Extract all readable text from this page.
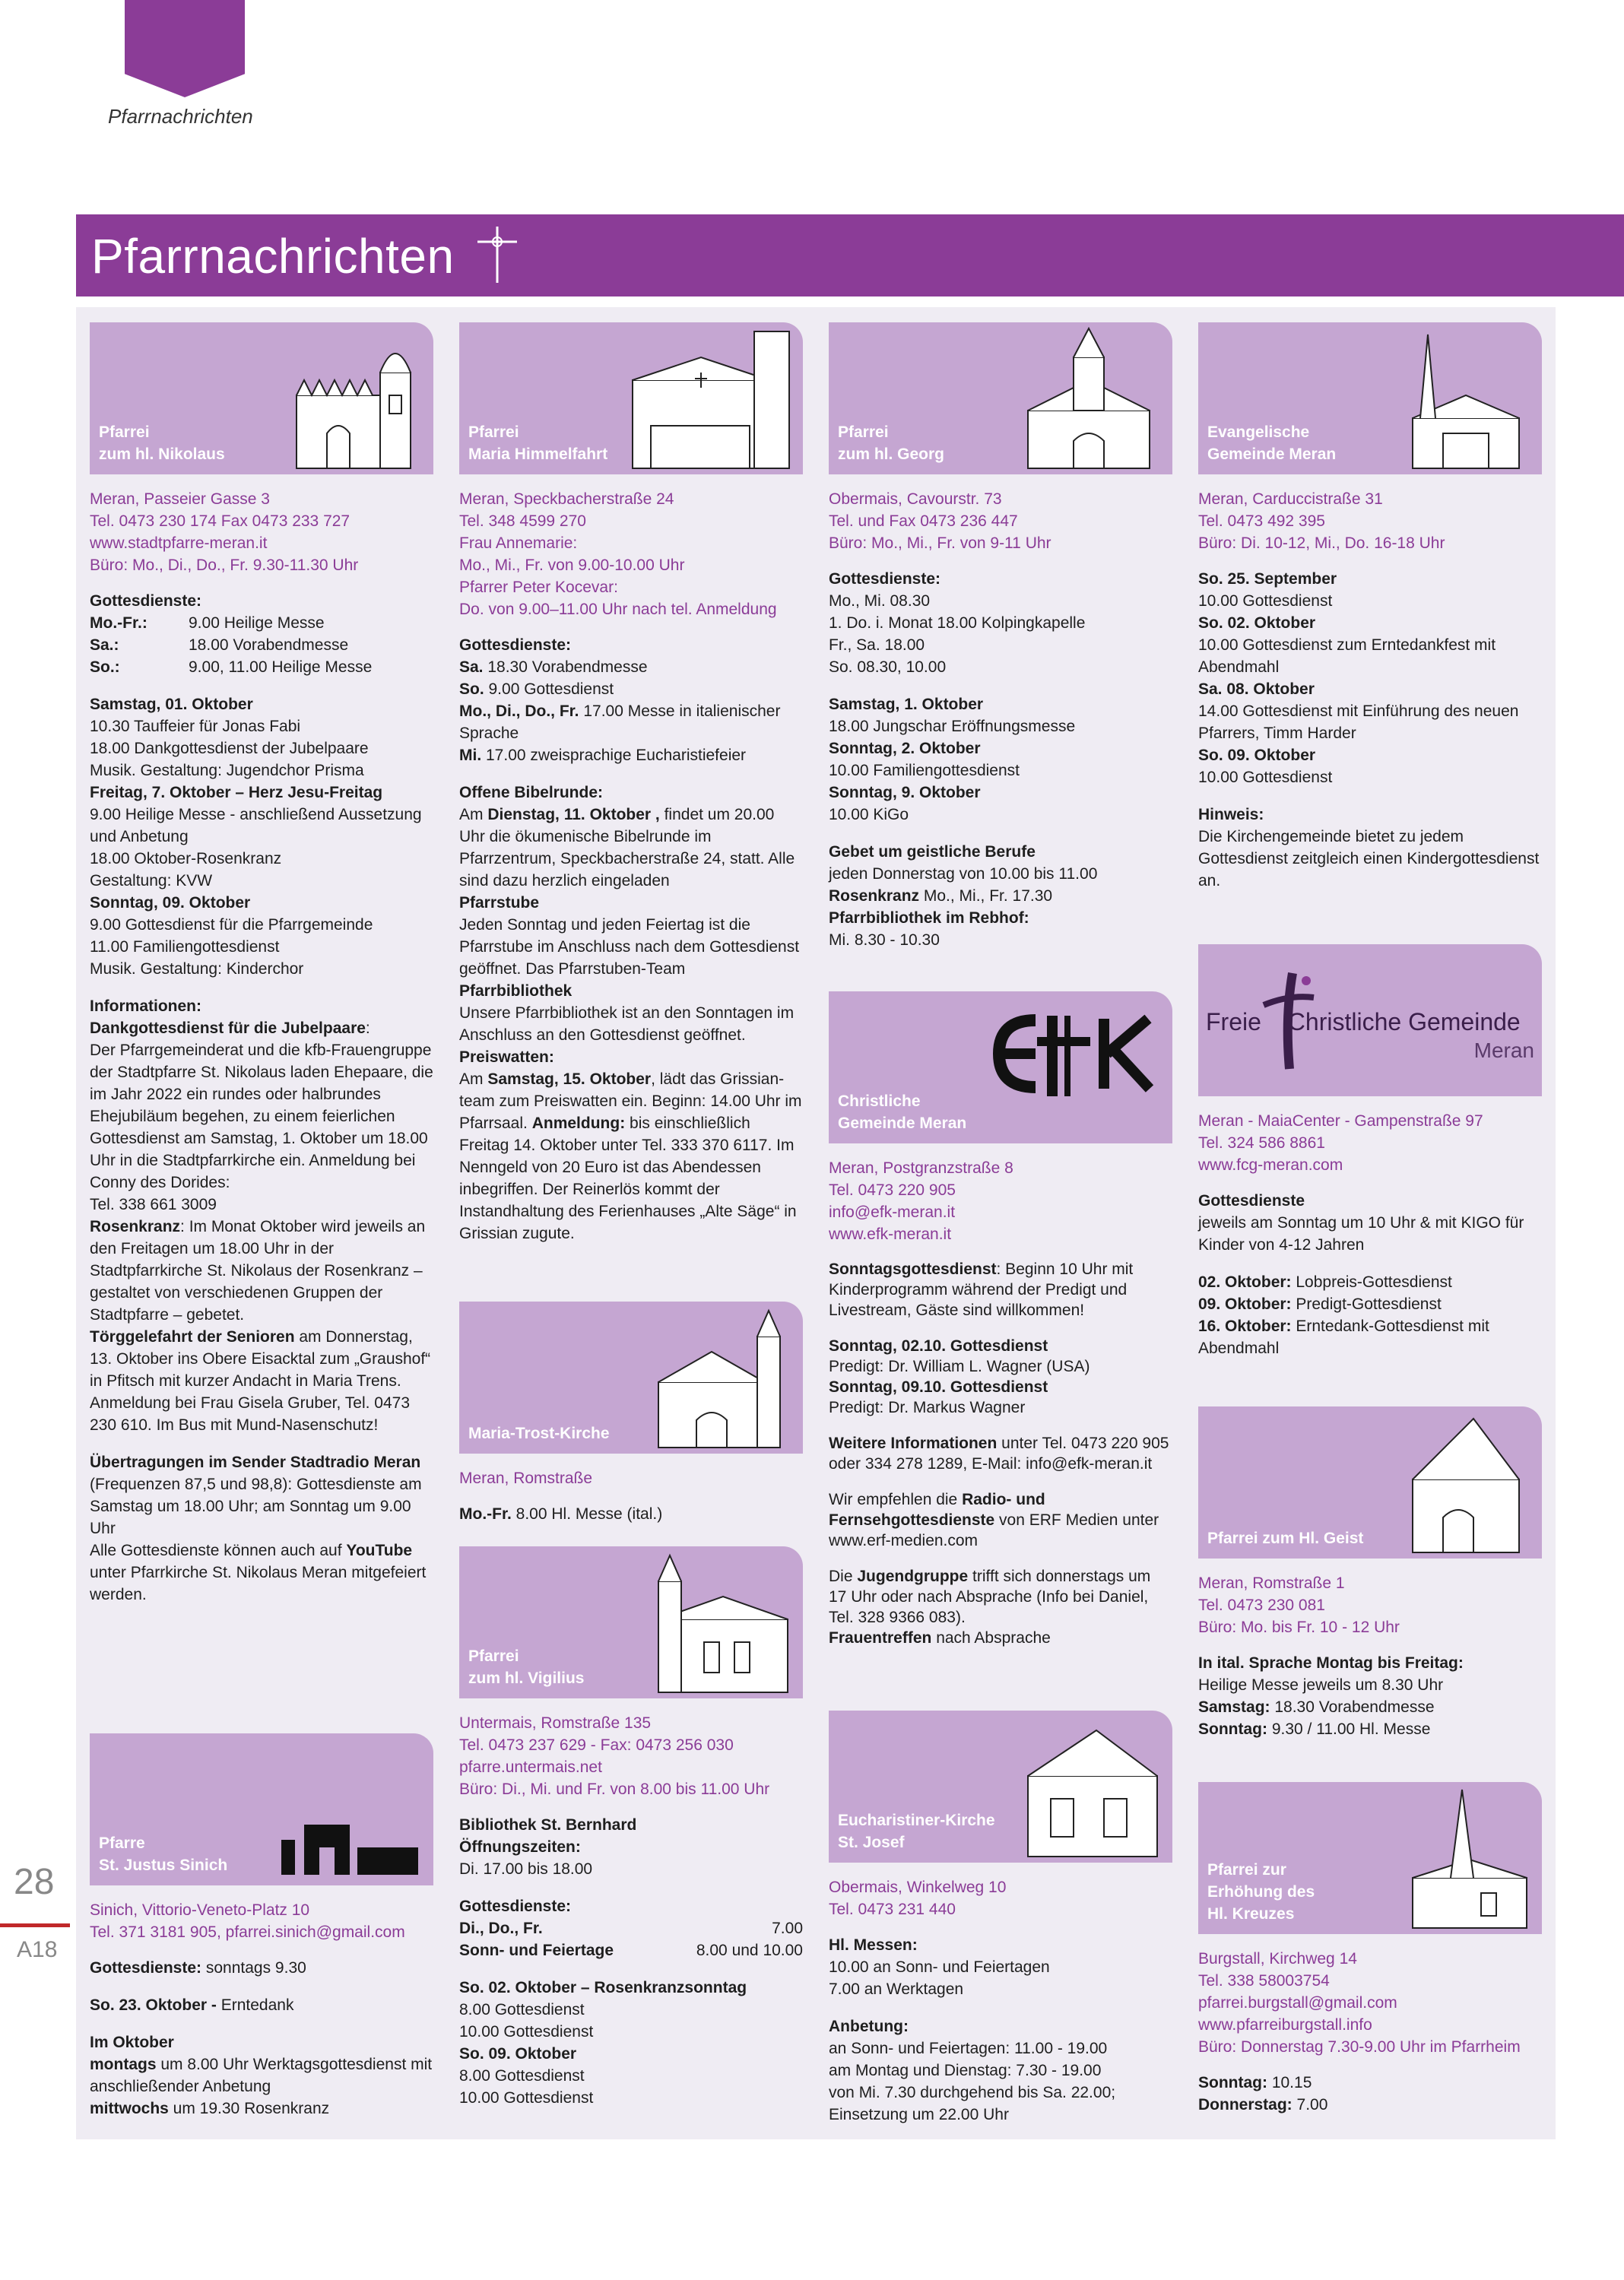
Pfarrnachrichten
Pfarrnachrichten
Pfarrei
zum hl. Nikolaus
Meran, Passeier Gasse 3
Tel. 0473 230 174 Fax 0473 233 727
www.stadtpfarre-meran.it
Büro: Mo., Di., Do., Fr. 9.30-11.30 Uhr

Gottesdienste:

Mo.-Fr.:	9.00 Heilige Messe
Sa.:	18.00 Vorabendmesse
So.:	9.00, 11.00 Heilige Messe

Samstag, 01. Oktober
10.30 Tauffeier für Jonas Fabi
18.00 Dankgottesdienst der Jubelpaare
Musik. Gestaltung: Jugendchor Prisma
Freitag, 7. Oktober – Herz Jesu-Freitag
9.00 Heilige Messe - anschließend Aussetzung und Anbetung
18.00 Oktober-Rosenkranz
Gestaltung: KVW
Sonntag, 09. Oktober
9.00 Gottesdienst für die Pfarrgemeinde
11.00 Familiengottesdienst
Musik. Gestaltung: Kinderchor

Informationen:
Dankgottesdienst für die Jubelpaare:
Der Pfarrgemeinderat und die kfb-Frauengruppe der Stadtpfarre St. Nikolaus laden Ehepaare, die im Jahr 2022 ein rundes oder halbrundes Ehejubiläum begehen, zu einem feierlichen Gottesdienst am Samstag, 1. Oktober um 18.00 Uhr in die Stadtpfarrkirche ein. Anmeldung bei Conny des Dorides:
Tel. 338 661 3009
Rosenkranz: Im Monat Oktober wird jeweils an den Freitagen um 18.00 Uhr in der Stadtpfarrkirche St. Nikolaus der Rosenkranz – gestaltet von verschiedenen Gruppen der Stadtpfarre – gebetet.
Törggelefahrt der Senioren am Donnerstag, 13. Oktober ins Obere Eisacktal zum „Graushof“ in Pfitsch mit kurzer Andacht in Maria Trens. Anmeldung bei Frau Gisela Gruber, Tel. 0473 230 610. Im Bus mit Mund-Nasenschutz!

Übertragungen im Sender Stadtradio Meran (Frequenzen 87,5 und 98,8): Gottesdienste am Samstag um 18.00 Uhr; am Sonntag um 9.00 Uhr
Alle Gottesdienste können auch auf YouTube unter Pfarrkirche St. Nikolaus Meran mitgefeiert werden.

Pfarre
St. Justus Sinich
Sinich, Vittorio-Veneto-Platz 10
Tel. 371 3181 905, pfarrei.sinich@gmail.com

Gottesdienste: sonntags 9.30

So. 23. Oktober - Erntedank

Im Oktober
montags um 8.00 Uhr Werktagsgottesdienst mit anschließender Anbetung
mittwochs um 19.30 Rosenkranz

Pfarrei
Maria Himmelfahrt
Meran, Speckbacherstraße 24
Tel. 348 4599 270
Frau Annemarie:
Mo., Mi., Fr. von 9.00-10.00 Uhr
Pfarrer Peter Kocevar:
Do. von 9.00–11.00 Uhr nach tel. Anmeldung

Gottesdienste:
Sa. 18.30 Vorabendmesse
So. 9.00 Gottesdienst
Mo., Di., Do., Fr. 17.00 Messe in italienischer Sprache
Mi. 17.00 zweisprachige Eucharistiefeier

Offene Bibelrunde:
Am Dienstag, 11. Oktober , findet um 20.00 Uhr die ökumenische Bibelrunde im Pfarrzentrum, Speckbacherstraße 24, statt. Alle sind dazu herzlich eingeladen
Pfarrstube
Jeden Sonntag und jeden Feiertag ist die Pfarrstube im Anschluss nach dem Gottesdienst geöffnet. Das Pfarrstuben-Team
Pfarrbibliothek
Unsere Pfarrbibliothek ist an den Sonntagen im Anschluss an den Gottesdienst geöffnet.
Preiswatten:
Am Samstag, 15. Oktober, lädt das Grissian-team zum Preiswatten ein. Beginn: 14.00 Uhr im Pfarrsaal. Anmeldung: bis einschließlich Freitag 14. Oktober unter Tel. 333 370 6117. Im Nenngeld von 20 Euro ist das Abendessen inbegriffen. Der Reinerlös kommt der Instandhaltung des Ferienhauses „Alte Säge“ in Grissian zugute.

Maria-Trost-Kirche
Meran, Romstraße

Mo.-Fr. 8.00 Hl. Messe (ital.)

Pfarrei
zum hl. Vigilius
Untermais, Romstraße 135
Tel. 0473 237 629 - Fax: 0473 256 030
pfarre.untermais.net
Büro: Di., Mi. und Fr. von 8.00 bis 11.00 Uhr

Bibliothek St. Bernhard
Öffnungszeiten:
Di. 17.00 bis 18.00

Gottesdienste:

Di., Do., Fr.	7.00
Sonn- und Feiertage	8.00 und 10.00

So. 02. Oktober – Rosenkranzsonntag
8.00 Gottesdienst
10.00 Gottesdienst
So. 09. Oktober
8.00 Gottesdienst
10.00 Gottesdienst

Pfarrei
zum hl. Georg
Obermais, Cavourstr. 73
Tel. und Fax 0473 236 447
Büro: Mo., Mi., Fr. von 9-11 Uhr

Gottesdienste:
Mo., Mi. 08.30
1. Do. i. Monat 18.00 Kolpingkapelle
Fr., Sa. 18.00
So. 08.30, 10.00

Samstag, 1. Oktober
18.00 Jungschar Eröffnungsmesse
Sonntag, 2. Oktober
10.00 Familiengottesdienst
Sonntag, 9. Oktober
10.00 KiGo

Gebet um geistliche Berufe
jeden Donnerstag von 10.00 bis 11.00
Rosenkranz Mo., Mi., Fr. 17.30
Pfarrbibliothek im Rebhof:
Mi. 8.30 - 10.30

Christliche
Gemeinde Meran
Meran, Postgranzstraße 8
Tel. 0473 220 905
info@efk-meran.it
www.efk-meran.it

Sonntagsgottesdienst: Beginn 10 Uhr mit Kinderprogramm während der Predigt und Livestream, Gäste sind willkommen!

Sonntag, 02.10. Gottesdienst
Predigt: Dr. William L. Wagner (USA)
Sonntag, 09.10. Gottesdienst
Predigt: Dr. Markus Wagner

Weitere Informationen unter Tel. 0473 220 905 oder 334 278 1289, E-Mail: info@efk-meran.it

Wir empfehlen die Radio- und Fernsehgottesdienste von ERF Medien unter www.erf-medien.com

Die Jugendgruppe trifft sich donnerstags um 17 Uhr oder nach Absprache (Info bei Daniel, Tel. 328 9366 083).
Frauentreffen nach Absprache

Eucharistiner-Kirche
St. Josef
Obermais, Winkelweg 10
Tel. 0473 231 440

Hl. Messen:
10.00 an Sonn- und Feiertagen
7.00 an Werktagen

Anbetung:
an Sonn- und Feiertagen: 11.00 - 19.00
am Montag und Dienstag: 7.30 - 19.00
von Mi. 7.30 durchgehend bis Sa. 22.00;
Einsetzung um 22.00 Uhr

Evangelische
Gemeinde Meran
Meran, Carduccistraße 31
Tel. 0473 492 395
Büro: Di. 10-12, Mi., Do. 16-18 Uhr

So. 25. September
10.00 Gottesdienst
So. 02. Oktober
10.00 Gottesdienst zum Erntedankfest mit Abendmahl
Sa. 08. Oktober
14.00 Gottesdienst mit Einführung des neuen Pfarrers, Timm Harder
So. 09. Oktober
10.00 Gottesdienst

Hinweis:
Die Kirchengemeinde bietet zu jedem Gottesdienst zeitgleich einen Kindergottesdienst an.

Freie Christliche Gemeinde
Meran
Meran - MaiaCenter - Gampenstraße 97
Tel. 324 586 8861
www.fcg-meran.com

Gottesdienste
jeweils am Sonntag um 10 Uhr & mit KIGO für Kinder von 4-12 Jahren

02. Oktober: Lobpreis-Gottesdienst
09. Oktober: Predigt-Gottesdienst
16. Oktober: Erntedank-Gottesdienst mit Abendmahl

Pfarrei zum Hl. Geist
Meran, Romstraße 1
Tel. 0473 230 081
Büro: Mo. bis Fr. 10 - 12 Uhr

In ital. Sprache Montag bis Freitag:
Heilige Messe jeweils um 8.30 Uhr
Samstag: 18.30 Vorabendmesse
Sonntag: 9.30 / 11.00 Hl. Messe

Pfarrei zur
Erhöhung des
Hl. Kreuzes
Burgstall, Kirchweg 14
Tel. 338 58003754
pfarrei.burgstall@gmail.com
www.pfarreiburgstall.info
Büro: Donnerstag 7.30-9.00 Uhr im Pfarrheim

Sonntag: 10.15
Donnerstag: 7.00

28
A18
